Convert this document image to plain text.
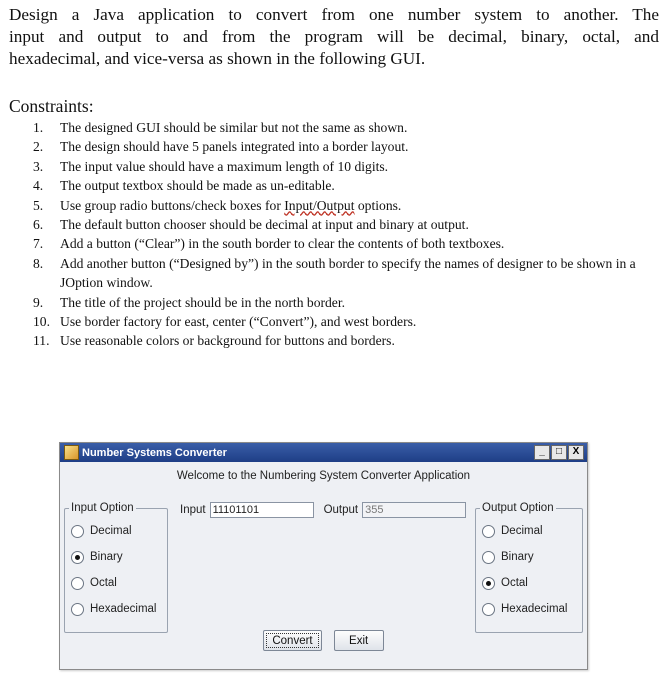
Design a Java application to convert from one number system to another. The
input and output to and from the program will be decimal, binary, octal, and
hexadecimal, and vice-versa as shown in the following GUI.
Constraints:
1.	The designed GUI should be similar but not the same as shown.
2.	The design should have 5 panels integrated into a border layout.
3.	The input value should have a maximum length of 10 digits.
4.	The output textbox should be made as un-editable.
5.	Use group radio buttons/check boxes for Input/Output options.
6.	The default button chooser should be decimal at input and binary at output.
7.	Add a button (“Clear”) in the south border to clear the contents of both textboxes.
8.	Add another button (“Designed by”) in the south border to specify the names of designer to be shown in a JOption window.
9.	The title of the project should be in the north border.
10. Use border factory for east, center (“Convert”), and west borders.
11. Use reasonable colors or background for buttons and borders.
Number Systems Converter	_	□	X
Welcome to the Numbering System Converter Application
Input Option
Decimal
Binary
Octal
Hexadecimal
Input 11101101	Output 355	Output Option
Decimal
Binary
Octal
Hexadecimal
Convert	Exit
